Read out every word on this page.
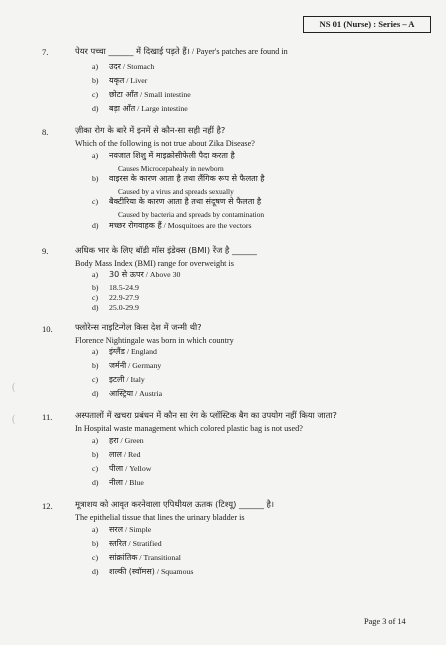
NS 01 (Nurse) : Series – A
7.	पेयर पच्चा ______ में दिखाई पड़ते हैं। / Payer's patches are found in
a) उदर / Stomach
b) यकृत / Liver
c) छोटा आँत / Small intestine
d) बड़ा आँत / Large intestine
8.	ज़ीका रोग के बारे में इनमें से कौन-सा सही नहीं है?
Which of the following is not true about Zika Disease?
a) नवजात शिशु में माइक्रोसीफेली पैदा करता है
Causes Microcepahealy in newborn
b) वाइरस के कारण आता है तथा लैंगिक रूप से फैलता है
Caused by a virus and spreads sexually
c) बैक्टीरिया के कारण आता है तथा संदूषण से फैलता है
Caused by bacteria and spreads by contamination
d) मच्छर रोगवाहक हैं / Mosquitoes are the vectors
9.	अधिक भार के लिए बॉडी मॉस इंडेक्स (BMI) रेंज है ______
Body Mass Index (BMI) range for overweight is
a) 30 से ऊपर / Above 30
b) 18.5-24.9
c) 22.9-27.9
d) 25.0-29.9
10.	फ्लोरेन्स नाइटिन्गेल किस देश में जन्मी थी?
Florence Nightingale was born in which country
a) इंग्लैंड / England
b) जर्मनी / Germany
c) इटली / Italy
d) आस्ट्रिया / Austria
11.	अस्पतालों में खचरा प्रबंधन में कौन सा रंग के प्लॉस्टिक बैग का उपयोग नहीं किया जाता?
In Hospital waste management which colored plastic bag is not used?
a) हरा / Green
b) लाल / Red
c) पीला / Yellow
d) नीला / Blue
12.	मूत्राशय को आवृत करनेवाला एपिथीयल ऊतक (टिश्यू) ______ है।
The epithelial tissue that lines the urinary bladder is
a) सरल / Simple
b) स्तरित / Stratified
c) सांक्रांतिक / Transitional
d) शल्की (स्वॉमस) / Squamous
(
(
Page 3 of 14
